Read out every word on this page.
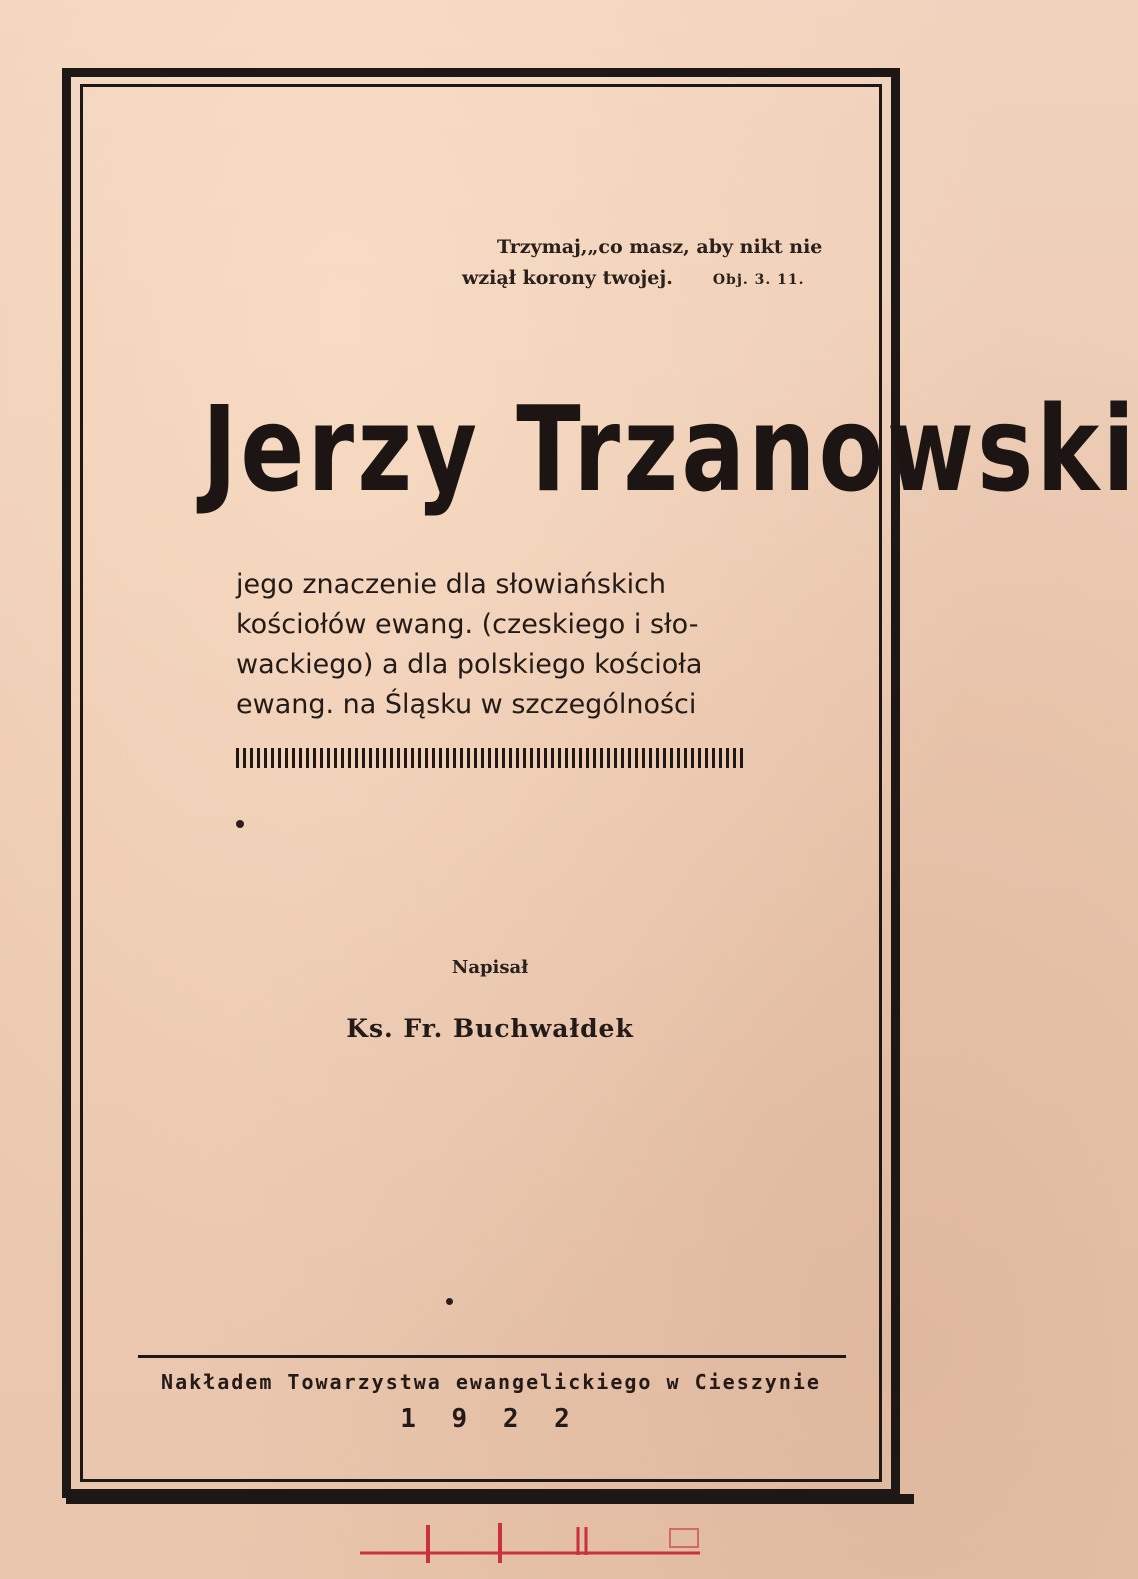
Trzymaj,„co masz, aby nikt nie
wziął korony twojej.	Obj. 3. 11.
Jerzy Trzanowski
jego znaczenie dla słowiańskich
kościołów ewang. (czeskiego i sło-
wackiego) a dla polskiego kościoła
ewang. na Śląsku w szczególności
Napisał
Ks. Fr. Buchwałdek
Nakładem Towarzystwa ewangelickiego w Cieszynie
1 9 2 2
